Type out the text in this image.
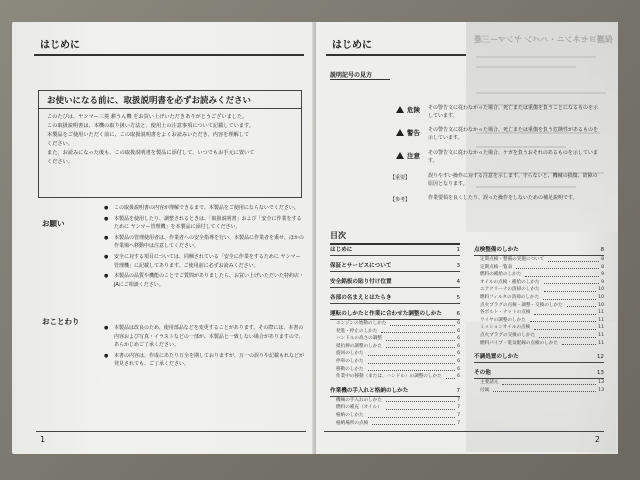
はじめに
お使いになる前に、取扱説明書を必ずお読みください

このたびは、ヤンマー三菱 耕うん機 をお買い上げいただきありがとうございました。

この取扱説明書は、本機の取り扱い方法と、使用上の注意事項について記載しています。

本製品をご使用いただく前に、この取扱説明書をよくお読みいただき、内容を理解して

ください。

また、お読みになった後も、この取扱説明書を製品に添付して、いつでもお手元に置いて

ください。

お願い
● この取扱説明書の内容が理解できるまで、本製品をご使用にならないでください。
● 本製品を使用したり、調整されるときは、「取扱説明書」および「安全に作業をするために ヤンマー管理機」を本製品に添付してください。
● 本製品の管理使用者は、作業者への安全指導を行い、本製品に作業者を乗せ、ほかの作業場へ移動中は注意してください。
● 安全に対する項目については、同梱されている「安全に作業をするために ヤンマー管理機」に記載してあります。ご使用前に必ずお読みください。
● 本製品の品質や機能のことでご質問がありましたら、お買い上げいただいた特約店・JAにご相談ください。
おことわり
● 本製品は改良のため、使用部品などを変更することがあります。その際には、本書の内容および写真・イラストなどの一部が、本製品と一致しない場合がありますので、あらかじめご了承ください。
● 本書の内容は、作成にあたり万全を期しておりますが、万一の誤りや記載もれなどが発見されても、ご了承ください。
1
保護ヨセネンニ・ハバン ヤンマー三菱
はじめに
説明記号の見方
危険 その警告文に従わなかった場合、死亡または重傷を負うことになるものを示しています。
警告 その警告文に従わなかった場合、死亡または重傷を負う危険性があるものを示しています。
注意 その警告文に従わなかった場合、ケガを負うおそれのあるものを示しています。
【重要】	誤りやすい操作に対する注意を示します。守らないと、機械の損傷、故障の原因となります。
【参考】	作業要領を良くしたり、誤った操作をしないための補足説明です。
目次
はじめに	1
保証とサービスについて	3
安全銘板の貼り付け位置	4
各部の名まえとはたらき	5
運転のしかたと作業に合わせた調整のしかた	6
エンジンの始動のしかた	6
発進・停止のしかた	6
ハンドルの高さの調整	6
抵抗棒の調整のしかた	6
旋回のしかた	6
停車のしかた	6
移動のしかた	6
作業中の移動（または、ハンドル）の調整のしかた	6
作業機の手入れと格納のしかた	7
機械の手入れのしかた	7
燃料の補充（オイル）	7
格納のしかた	7
格納場所の点検	7
点検整備のしかた	8
定期点検・整備の実施について	8
定期点検一覧表	8
燃料の補給のしかた	9
オイルの点検・補給のしかた	9
エアクリーナの清掃のしかた	10
燃料フィルタの清掃のしかた	10
点火プラグの点検・調整・交換のしかた	10
各ボルト・ナットの点検	11
ワイヤの調整のしかた	11
ミッションオイルの点検	11
点火プラグの交換のしかた	11
燃料パイプ・電気配線の点検のしかた	11
不調処置のしかた	12
その他	13
主要諸元	13
付属	13
2
